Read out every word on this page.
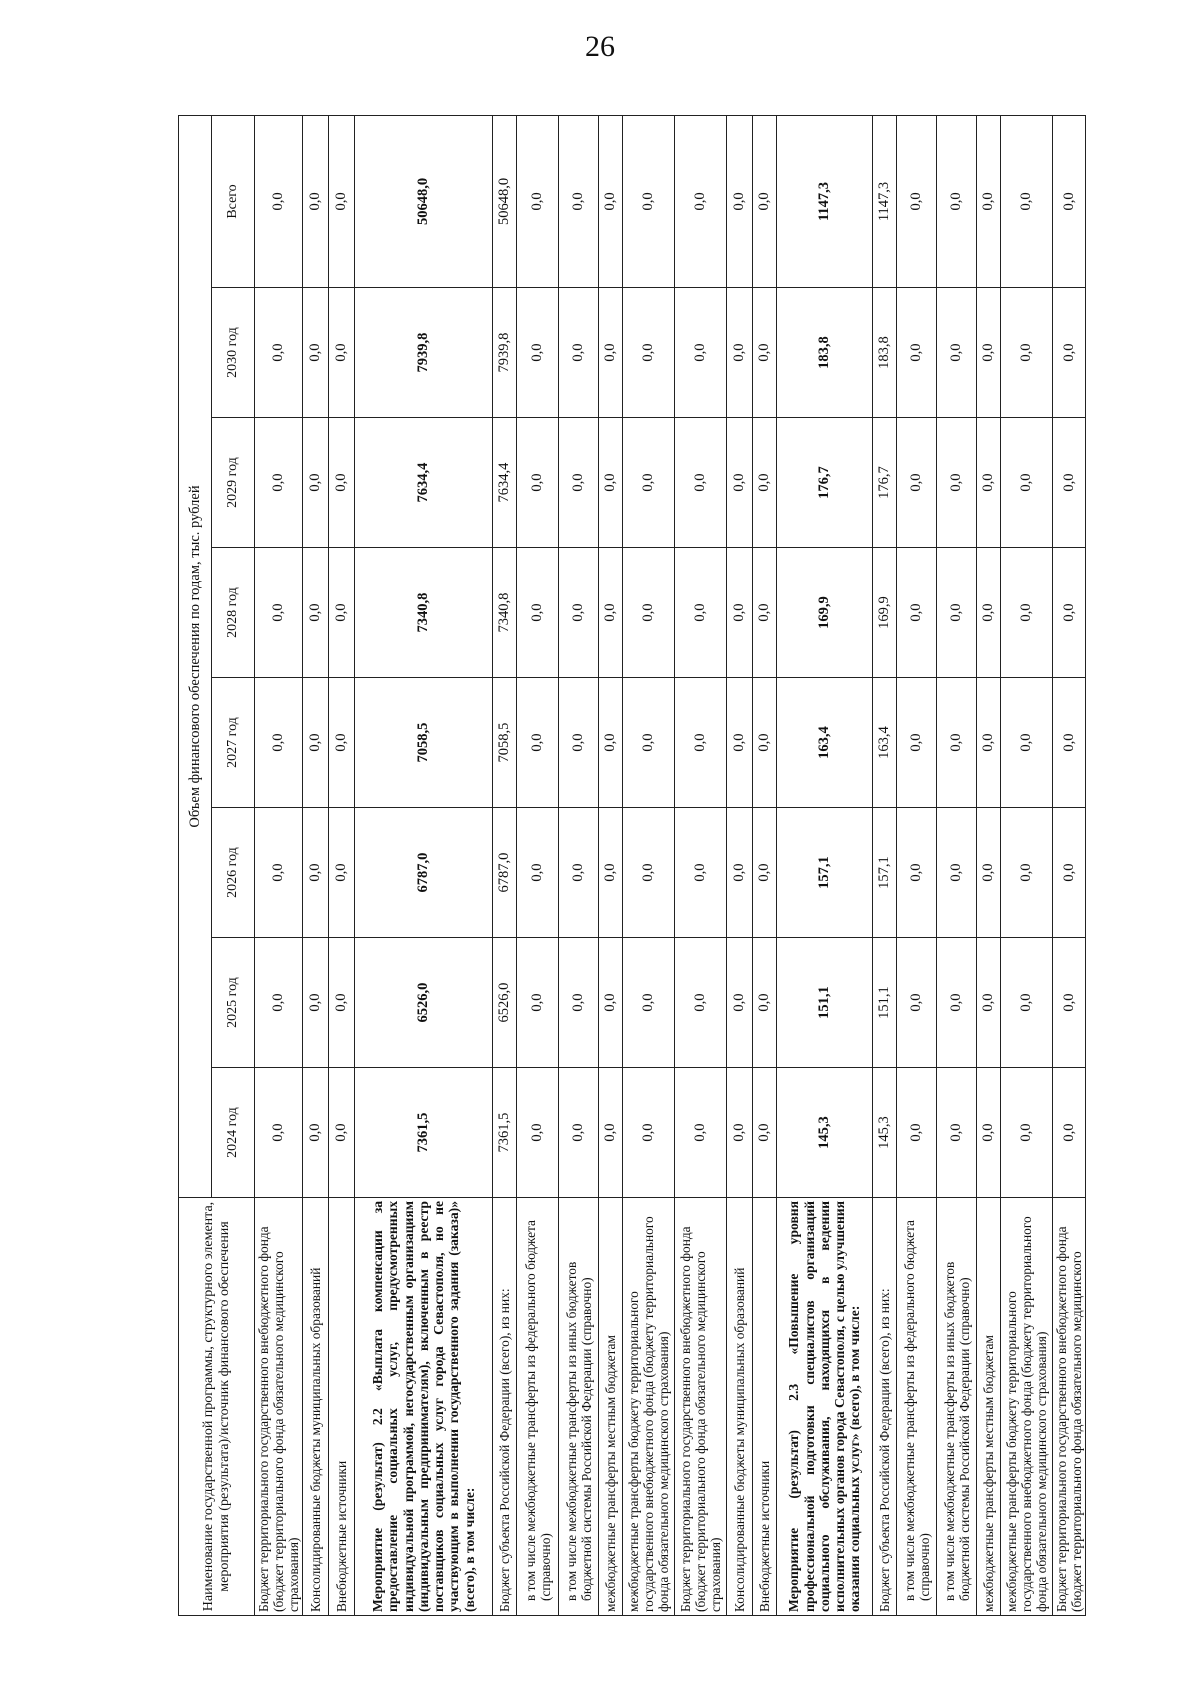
26
Наименование государственной программы, структурного элемента, мероприятия (результата)/источник финансового обеспечения	Объем финансового обеспечения по годам, тыс. рублей							
	2024 год	2025 год	2026 год	2027 год	2028 год	2029 год	2030 год	Всего
Бюджет территориального государственного внебюджетного фонда (бюджет территориального фонда обязательного медицинского страхования)	0,0	0,0	0,0	0,0	0,0	0,0	0,0	0,0
Консолидированные бюджеты муниципальных образований	0,0	0,0	0,0	0,0	0,0	0,0	0,0	0,0
Внебюджетные источники	0,0	0,0	0,0	0,0	0,0	0,0	0,0	0,0
Мероприятие (результат) 2.2 «Выплата компенсации за предоставление социальных услуг, предусмотренных индивидуальной программой, негосударственным организациям (индивидуальным предпринимателям), включенным в реестр поставщиков социальных услуг города Севастополя, но не участвующим в выполнении государственного задания (заказа)» (всего), в том числе:	7361,5	6526,0	6787,0	7058,5	7340,8	7634,4	7939,8	50648,0
Бюджет субъекта Российской Федерации (всего), из них:	7361,5	6526,0	6787,0	7058,5	7340,8	7634,4	7939,8	50648,0
в том числе межбюджетные трансферты из федерального бюджета (справочно)	0,0	0,0	0,0	0,0	0,0	0,0	0,0	0,0
в том числе межбюджетные трансферты из иных бюджетов бюджетной системы Российской Федерации (справочно)	0,0	0,0	0,0	0,0	0,0	0,0	0,0	0,0
межбюджетные трансферты местным бюджетам	0,0	0,0	0,0	0,0	0,0	0,0	0,0	0,0
межбюджетные трансферты бюджету территориального государственного внебюджетного фонда (бюджету территориального фонда обязательного медицинского страхования)	0,0	0,0	0,0	0,0	0,0	0,0	0,0	0,0
Бюджет территориального государственного внебюджетного фонда (бюджет территориального фонда обязательного медицинского страхования)	0,0	0,0	0,0	0,0	0,0	0,0	0,0	0,0
Консолидированные бюджеты муниципальных образований	0,0	0,0	0,0	0,0	0,0	0,0	0,0	0,0
Внебюджетные источники	0,0	0,0	0,0	0,0	0,0	0,0	0,0	0,0
Мероприятие (результат) 2.3 «Повышение уровня профессиональной подготовки специалистов организаций социального обслуживания, находящихся в ведении исполнительных органов города Севастополя, с целью улучшения оказания социальных услуг» (всего), в том числе:	145,3	151,1	157,1	163,4	169,9	176,7	183,8	1147,3
Бюджет субъекта Российской Федерации (всего), из них:	145,3	151,1	157,1	163,4	169,9	176,7	183,8	1147,3
в том числе межбюджетные трансферты из федерального бюджета (справочно)	0,0	0,0	0,0	0,0	0,0	0,0	0,0	0,0
в том числе межбюджетные трансферты из иных бюджетов бюджетной системы Российской Федерации (справочно)	0,0	0,0	0,0	0,0	0,0	0,0	0,0	0,0
межбюджетные трансферты местным бюджетам	0,0	0,0	0,0	0,0	0,0	0,0	0,0	0,0
межбюджетные трансферты бюджету территориального государственного внебюджетного фонда (бюджету территориального фонда обязательного медицинского страхования)	0,0	0,0	0,0	0,0	0,0	0,0	0,0	0,0
Бюджет территориального государственного внебюджетного фонда (бюджет территориального фонда обязательного медицинского	0,0	0,0	0,0	0,0	0,0	0,0	0,0	0,0
